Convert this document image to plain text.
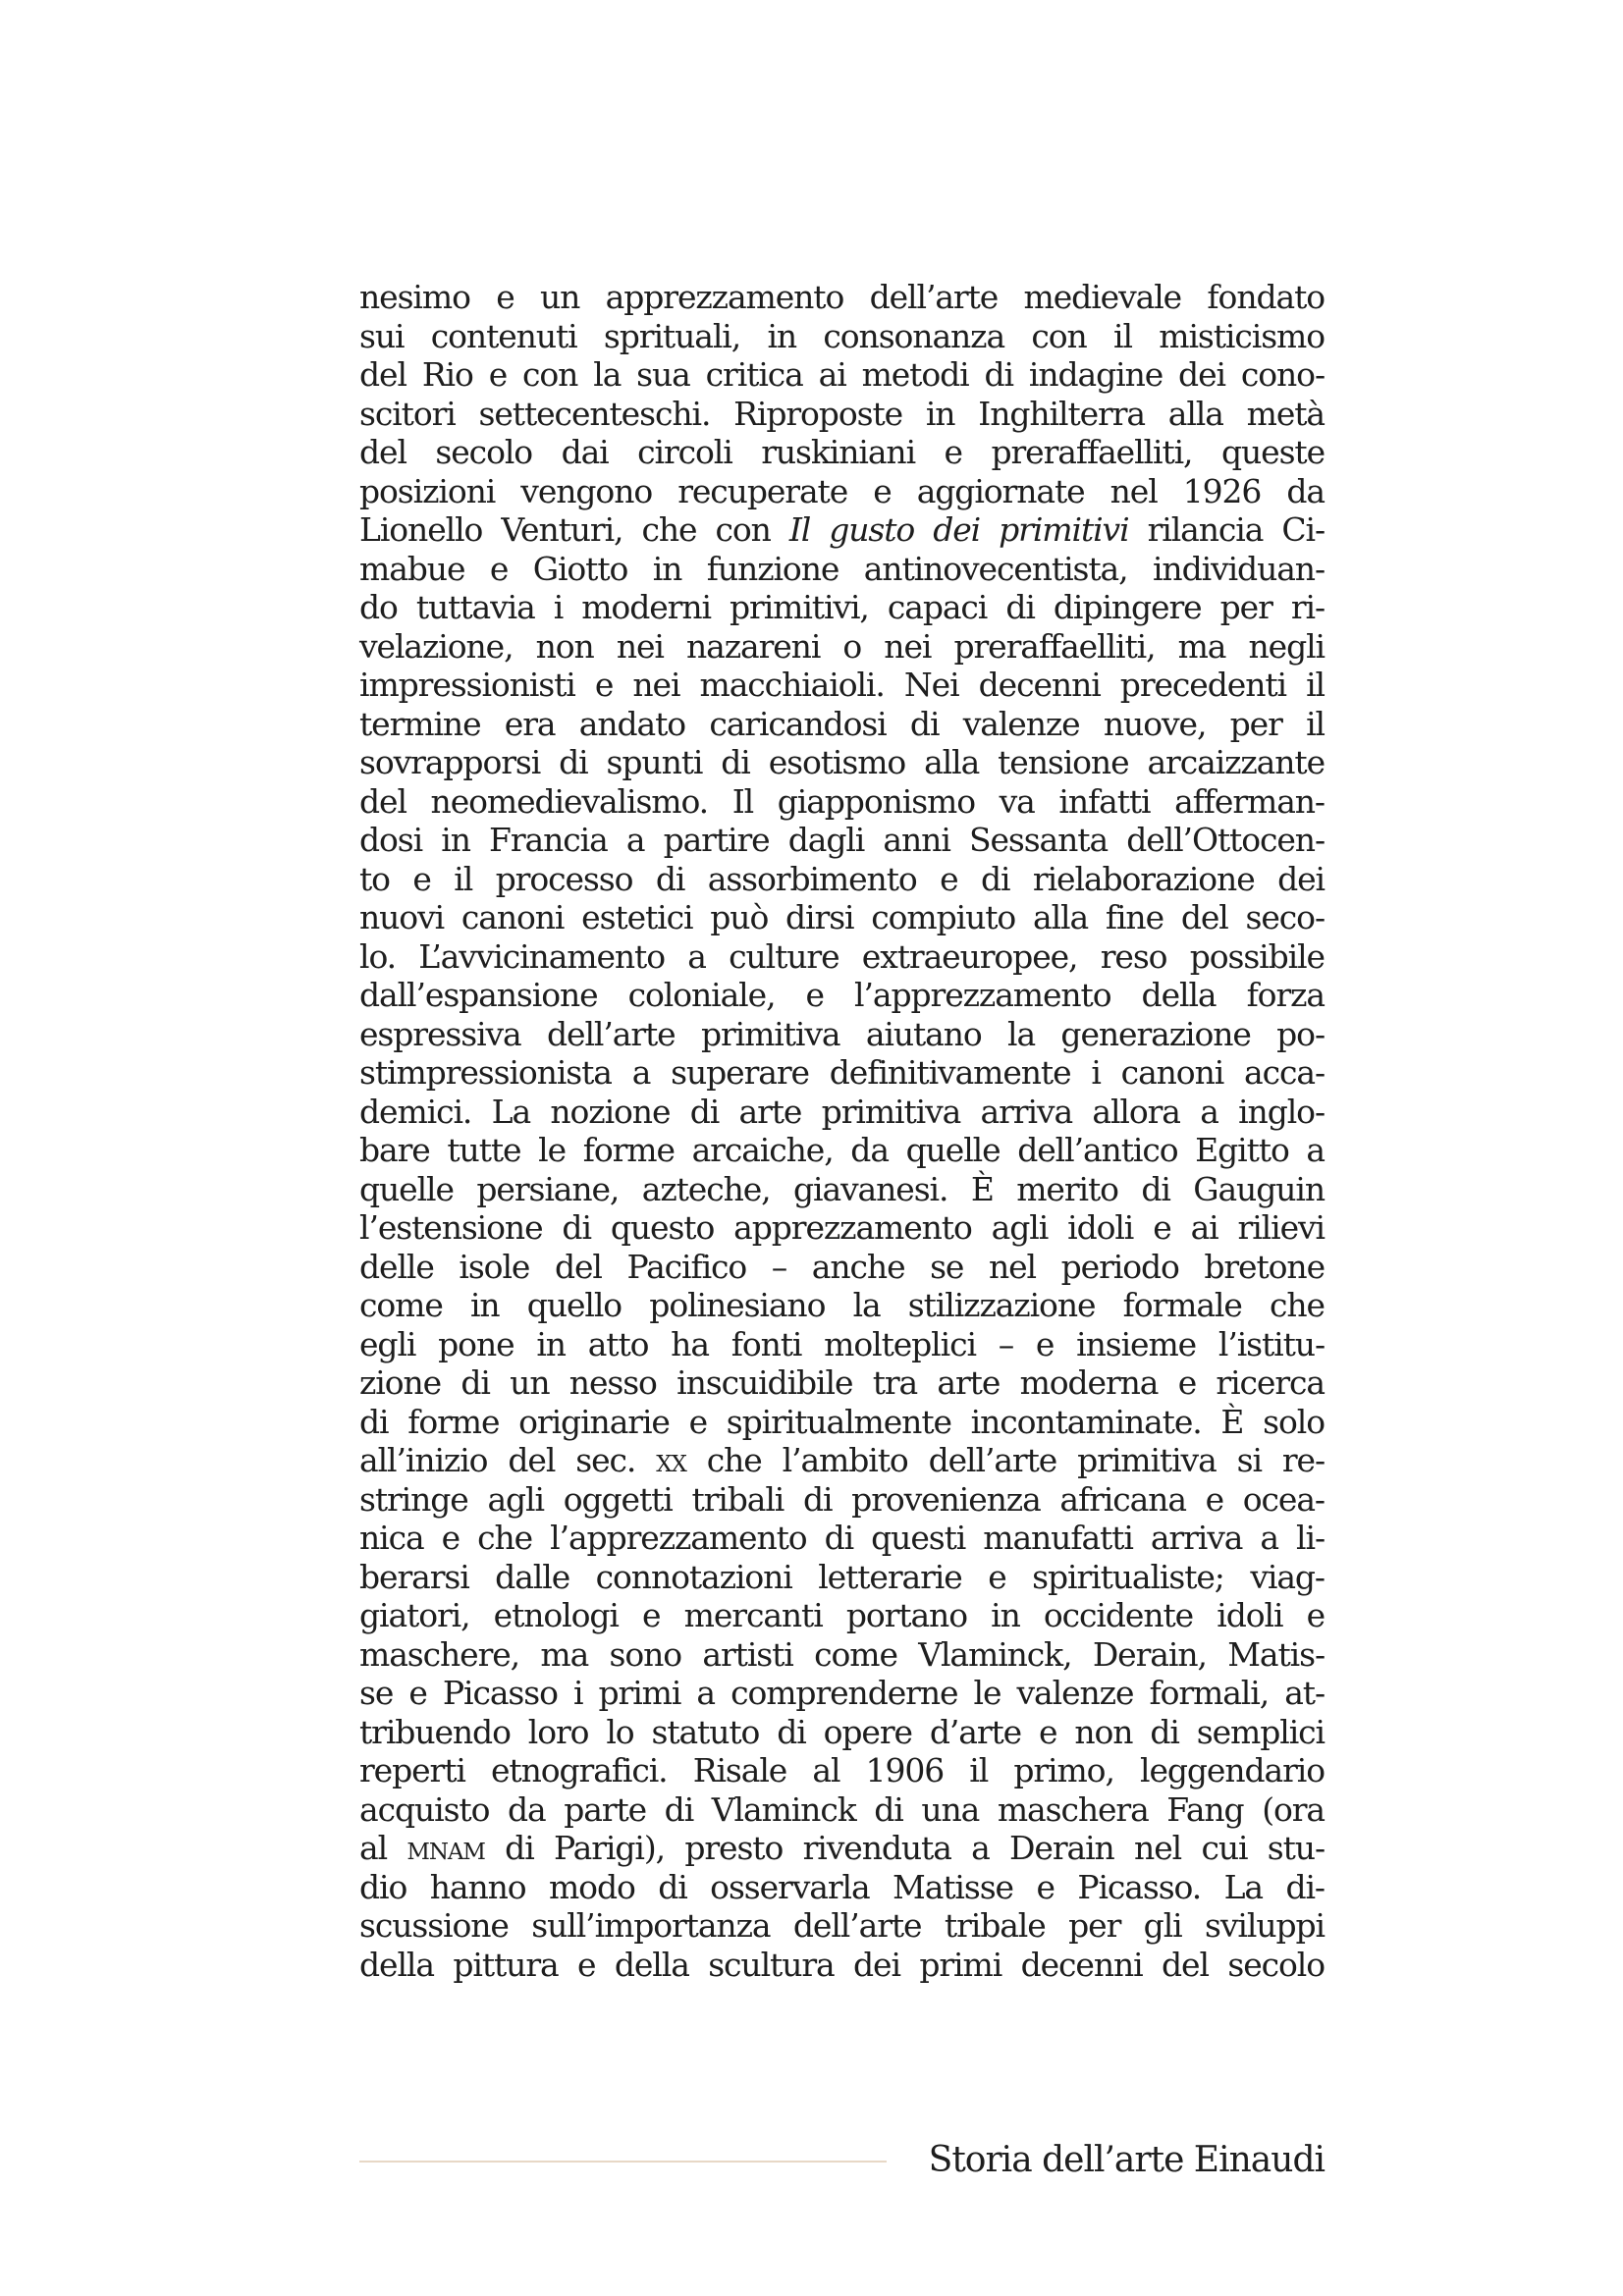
nesimo e un apprezzamento dell’arte medievale fondato
sui contenuti sprituali, in consonanza con il misticismo
del Rio e con la sua critica ai metodi di indagine dei cono-
scitori settecenteschi. Riproposte in Inghilterra alla metà
del secolo dai circoli ruskiniani e preraffaelliti, queste
posizioni vengono recuperate e aggiornate nel 1926 da
Lionello Venturi, che con Il gusto dei primitivi rilancia Ci-
mabue e Giotto in funzione antinovecentista, individuan-
do tuttavia i moderni primitivi, capaci di dipingere per ri-
velazione, non nei nazareni o nei preraffaelliti, ma negli
impressionisti e nei macchiaioli. Nei decenni precedenti il
termine era andato caricandosi di valenze nuove, per il
sovrapporsi di spunti di esotismo alla tensione arcaizzante
del neomedievalismo. Il giapponismo va infatti afferman-
dosi in Francia a partire dagli anni Sessanta dell’Ottocen-
to e il processo di assorbimento e di rielaborazione dei
nuovi canoni estetici può dirsi compiuto alla fine del seco-
lo. L’avvicinamento a culture extraeuropee, reso possibile
dall’espansione coloniale, e l’apprezzamento della forza
espressiva dell’arte primitiva aiutano la generazione po-
stimpressionista a superare definitivamente i canoni acca-
demici. La nozione di arte primitiva arriva allora a inglo-
bare tutte le forme arcaiche, da quelle dell’antico Egitto a
quelle persiane, azteche, giavanesi. È merito di Gauguin
l’estensione di questo apprezzamento agli idoli e ai rilievi
delle isole del Pacifico – anche se nel periodo bretone
come in quello polinesiano la stilizzazione formale che
egli pone in atto ha fonti molteplici – e insieme l’istitu-
zione di un nesso inscuidibile tra arte moderna e ricerca
di forme originarie e spiritualmente incontaminate. È solo
all’inizio del sec. xx che l’ambito dell’arte primitiva si re-
stringe agli oggetti tribali di provenienza africana e ocea-
nica e che l’apprezzamento di questi manufatti arriva a li-
berarsi dalle connotazioni letterarie e spiritualiste; viag-
giatori, etnologi e mercanti portano in occidente idoli e
maschere, ma sono artisti come Vlaminck, Derain, Matis-
se e Picasso i primi a comprenderne le valenze formali, at-
tribuendo loro lo statuto di opere d’arte e non di semplici
reperti etnografici. Risale al 1906 il primo, leggendario
acquisto da parte di Vlaminck di una maschera Fang (ora
al mnam di Parigi), presto rivenduta a Derain nel cui stu-
dio hanno modo di osservarla Matisse e Picasso. La di-
scussione sull’importanza dell’arte tribale per gli sviluppi
della pittura e della scultura dei primi decenni del secolo
Storia dell’arte Einaudi
